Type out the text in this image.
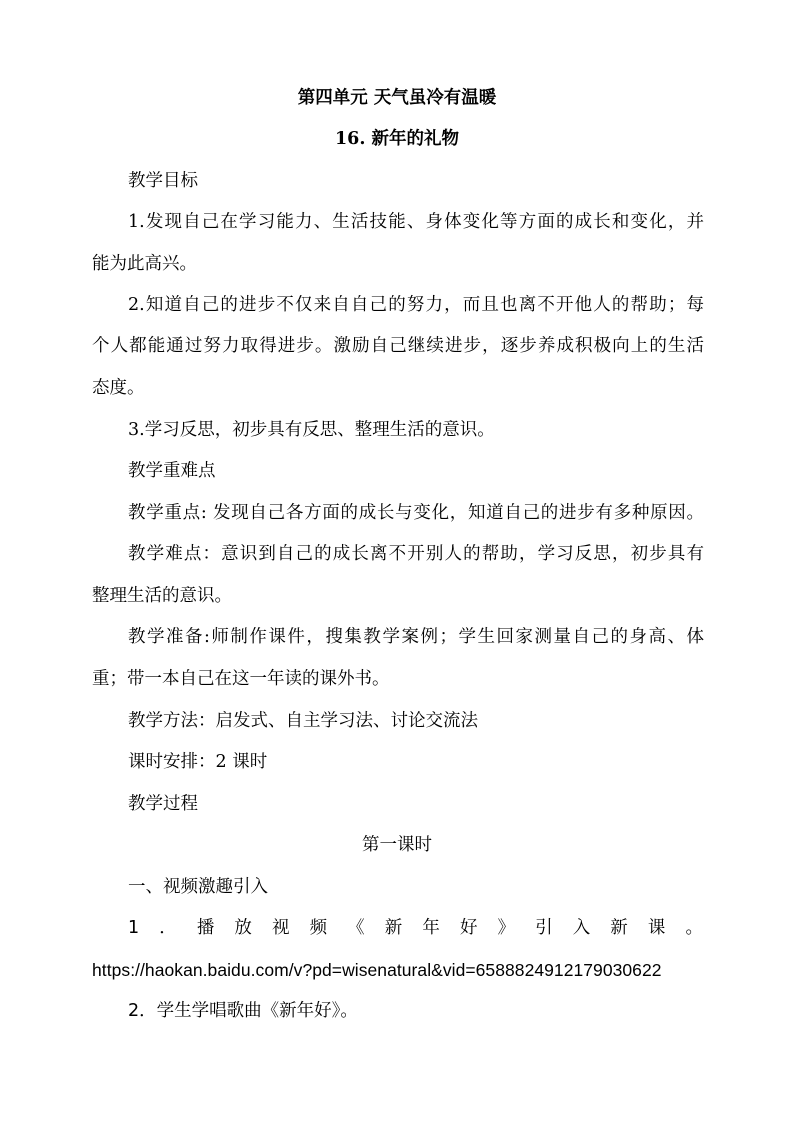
第四单元 天气虽冷有温暖
16. 新年的礼物
教学目标
1.发现自己在学习能力、生活技能、身体变化等方面的成长和变化，并
能为此高兴。
2.知道自己的进步不仅来自自己的努力，而且也离不开他人的帮助；每
个人都能通过努力取得进步。激励自己继续进步，逐步养成积极向上的生活
态度。
3.学习反思，初步具有反思、整理生活的意识。
教学重难点
教学重点: 发现自己各方面的成长与变化，知道自己的进步有多种原因。
教学难点：意识到自己的成长离不开别人的帮助，学习反思，初步具有
整理生活的意识。
教学准备:师制作课件，搜集教学案例；学生回家测量自己的身高、体
重；带一本自己在这一年读的课外书。
教学方法：启发式、自主学习法、讨论交流法
课时安排：2 课时
教学过程
第一课时
一、视频激趣引入
1．播放视频《新年好》引入新课。
https://haokan.baidu.com/v?pd=wisenatural&vid=6588824912179030622
2．学生学唱歌曲《新年好》。
